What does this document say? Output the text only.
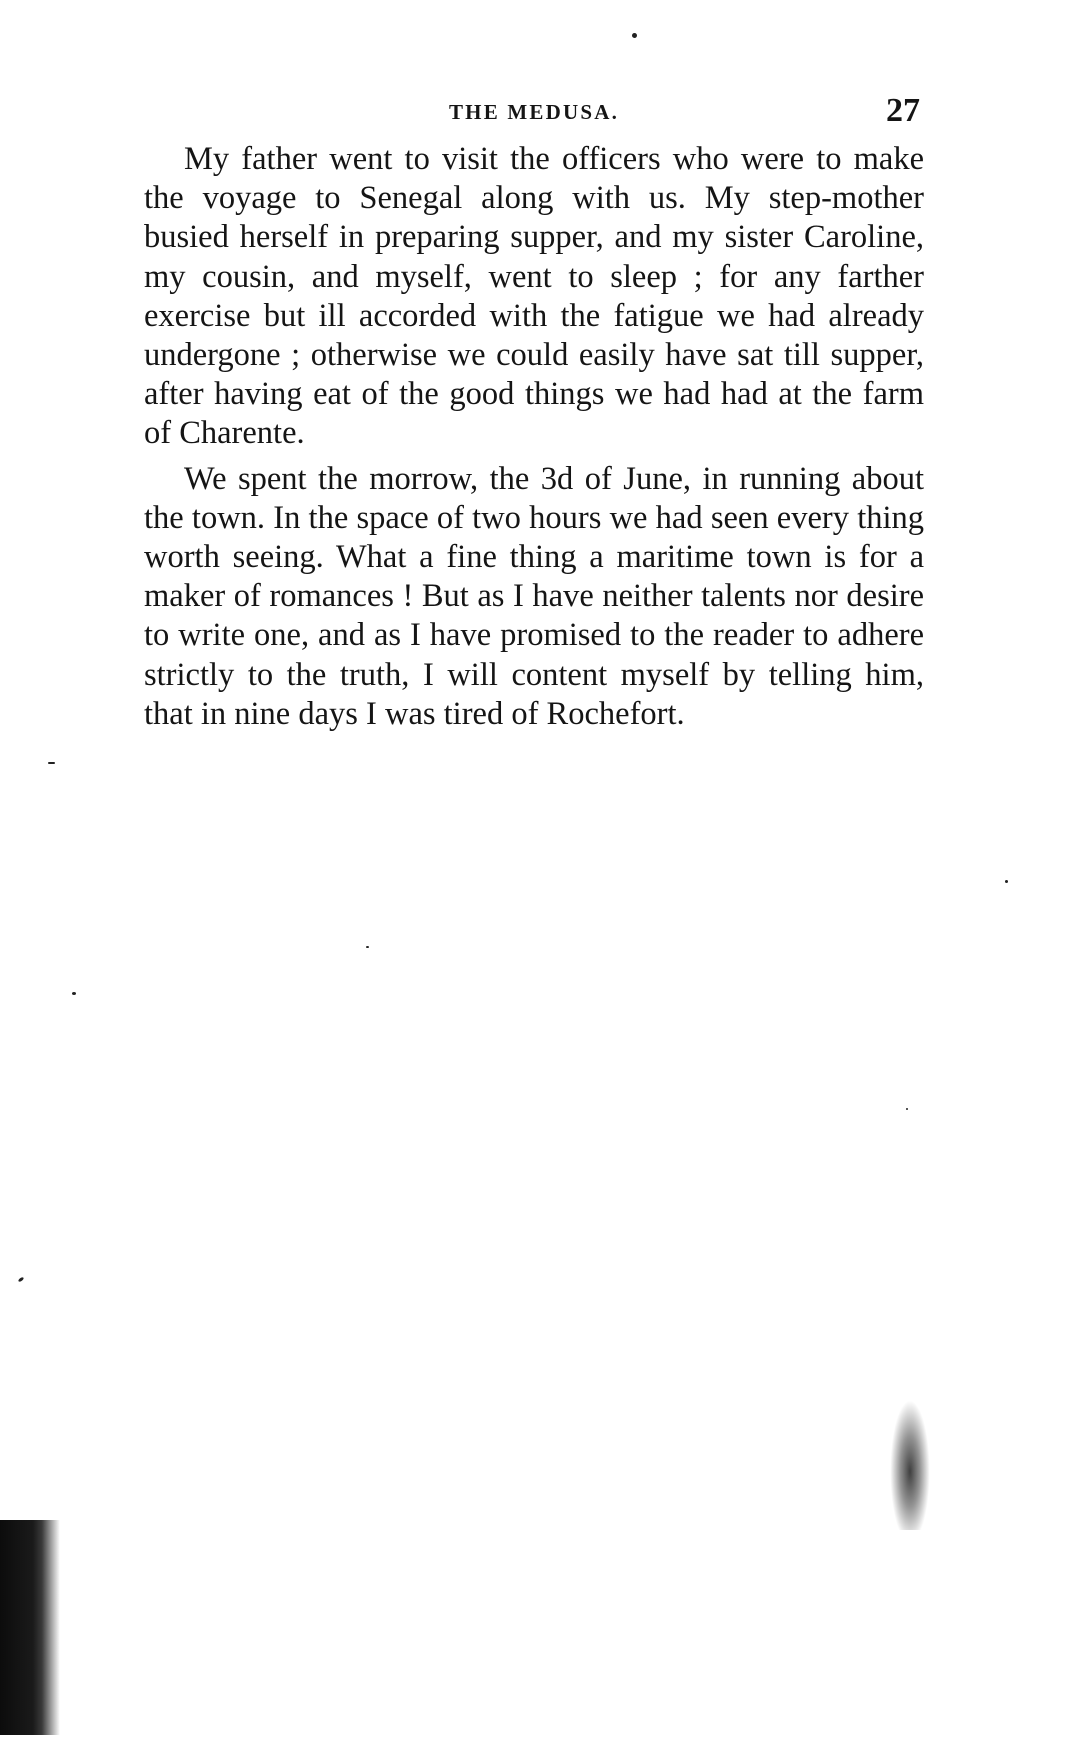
THE MEDUSA.	27

My father went to visit the officers who were to make the voyage to Senegal along with us. My step-mother busied herself in preparing supper, and my sister Caroline, my cousin, and myself, went to sleep ; for any farther exercise but ill accorded with the fatigue we had already undergone ; otherwise we could easily have sat till supper, after having eat of the good things we had had at the farm of Charente.

We spent the morrow, the 3d of June, in running about the town. In the space of two hours we had seen every thing worth seeing. What a fine thing a maritime town is for a maker of romances ! But as I have neither talents nor desire to write one, and as I have promised to the reader to adhere strictly to the truth, I will content myself by telling him, that in nine days I was tired of Rochefort.
